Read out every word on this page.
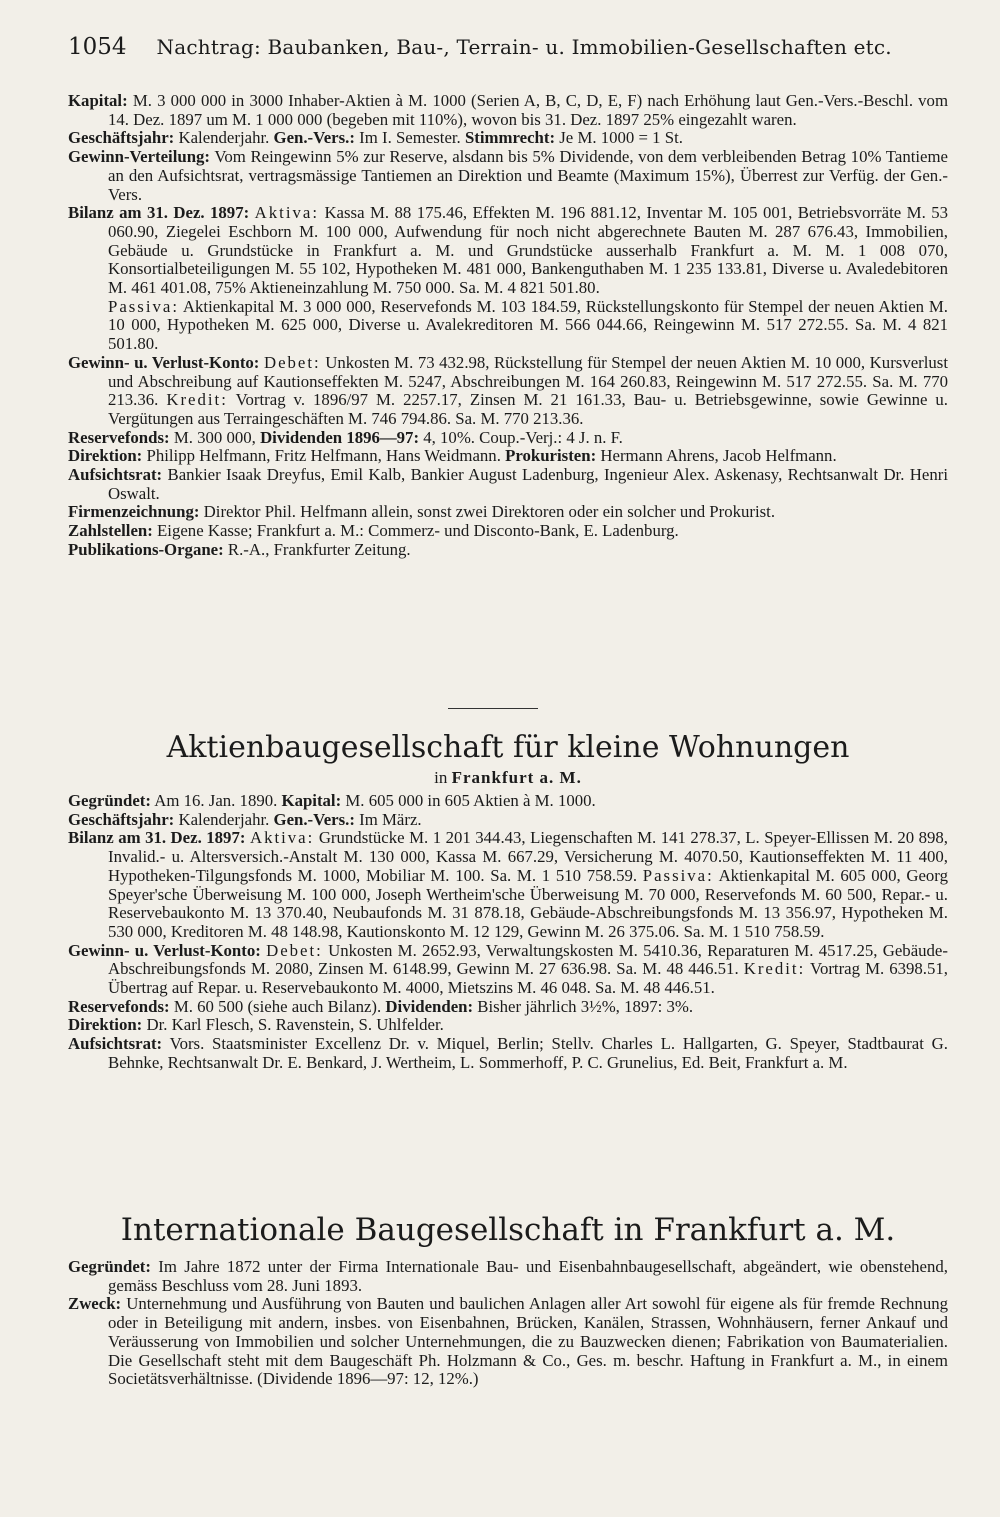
1054 Nachtrag: Baubanken, Bau-, Terrain- u. Immobilien-Gesellschaften etc.

Kapital: M. 3 000 000 in 3000 Inhaber-Aktien à M. 1000 (Serien A, B, C, D, E, F) nach Erhöhung laut Gen.-Vers.-Beschl. vom 14. Dez. 1897 um M. 1 000 000 (begeben mit 110%), wovon bis 31. Dez. 1897 25% eingezahlt waren.

Geschäftsjahr: Kalenderjahr. Gen.-Vers.: Im I. Semester. Stimmrecht: Je M. 1000 = 1 St.

Gewinn-Verteilung: Vom Reingewinn 5% zur Reserve, alsdann bis 5% Dividende, von dem verbleibenden Betrag 10% Tantieme an den Aufsichtsrat, vertragsmässige Tantiemen an Direktion und Beamte (Maximum 15%), Überrest zur Verfüg. der Gen.-Vers.

Bilanz am 31. Dez. 1897: Aktiva: Kassa M. 88 175.46, Effekten M. 196 881.12, Inventar M. 105 001, Betriebsvorräte M. 53 060.90, Ziegelei Eschborn M. 100 000, Aufwendung für noch nicht abgerechnete Bauten M. 287 676.43, Immobilien, Gebäude u. Grundstücke in Frankfurt a. M. und Grundstücke ausserhalb Frankfurt a. M. M. 1 008 070, Konsortialbeteiligungen M. 55 102, Hypotheken M. 481 000, Bankenguthaben M. 1 235 133.81, Diverse u. Avaledebitoren M. 461 401.08, 75% Aktieneinzahlung M. 750 000. Sa. M. 4 821 501.80.

Passiva: Aktienkapital M. 3 000 000, Reservefonds M. 103 184.59, Rückstellungskonto für Stempel der neuen Aktien M. 10 000, Hypotheken M. 625 000, Diverse u. Avalekreditoren M. 566 044.66, Reingewinn M. 517 272.55. Sa. M. 4 821 501.80.

Gewinn- u. Verlust-Konto: Debet: Unkosten M. 73 432.98, Rückstellung für Stempel der neuen Aktien M. 10 000, Kursverlust und Abschreibung auf Kautionseffekten M. 5247, Abschreibungen M. 164 260.83, Reingewinn M. 517 272.55. Sa. M. 770 213.36. Kredit: Vortrag v. 1896/97 M. 2257.17, Zinsen M. 21 161.33, Bau- u. Betriebsgewinne, sowie Gewinne u. Vergütungen aus Terraingeschäften M. 746 794.86. Sa. M. 770 213.36.

Reservefonds: M. 300 000, Dividenden 1896—97: 4, 10%. Coup.-Verj.: 4 J. n. F.

Direktion: Philipp Helfmann, Fritz Helfmann, Hans Weidmann. Prokuristen: Hermann Ahrens, Jacob Helfmann.

Aufsichtsrat: Bankier Isaak Dreyfus, Emil Kalb, Bankier August Ladenburg, Ingenieur Alex. Askenasy, Rechtsanwalt Dr. Henri Oswalt.

Firmenzeichnung: Direktor Phil. Helfmann allein, sonst zwei Direktoren oder ein solcher und Prokurist.

Zahlstellen: Eigene Kasse; Frankfurt a. M.: Commerz- und Disconto-Bank, E. Ladenburg.

Publikations-Organe: R.-A., Frankfurter Zeitung.

Aktienbaugesellschaft für kleine Wohnungen
in Frankfurt a. M.

Gegründet: Am 16. Jan. 1890. Kapital: M. 605 000 in 605 Aktien à M. 1000.

Geschäftsjahr: Kalenderjahr. Gen.-Vers.: Im März.

Bilanz am 31. Dez. 1897: Aktiva: Grundstücke M. 1 201 344.43, Liegenschaften M. 141 278.37, L. Speyer-Ellissen M. 20 898, Invalid.- u. Altersversich.-Anstalt M. 130 000, Kassa M. 667.29, Versicherung M. 4070.50, Kautionseffekten M. 11 400, Hypotheken-Tilgungsfonds M. 1000, Mobiliar M. 100. Sa. M. 1 510 758.59. Passiva: Aktienkapital M. 605 000, Georg Speyer'sche Überweisung M. 100 000, Joseph Wertheim'sche Überweisung M. 70 000, Reservefonds M. 60 500, Repar.- u. Reservebaukonto M. 13 370.40, Neubaufonds M. 31 878.18, Gebäude-Abschreibungsfonds M. 13 356.97, Hypotheken M. 530 000, Kreditoren M. 48 148.98, Kautionskonto M. 12 129, Gewinn M. 26 375.06. Sa. M. 1 510 758.59.

Gewinn- u. Verlust-Konto: Debet: Unkosten M. 2652.93, Verwaltungskosten M. 5410.36, Reparaturen M. 4517.25, Gebäude-Abschreibungsfonds M. 2080, Zinsen M. 6148.99, Gewinn M. 27 636.98. Sa. M. 48 446.51. Kredit: Vortrag M. 6398.51, Übertrag auf Repar. u. Reservebaukonto M. 4000, Mietszins M. 46 048. Sa. M. 48 446.51.

Reservefonds: M. 60 500 (siehe auch Bilanz). Dividenden: Bisher jährlich 3½%, 1897: 3%.

Direktion: Dr. Karl Flesch, S. Ravenstein, S. Uhlfelder.

Aufsichtsrat: Vors. Staatsminister Excellenz Dr. v. Miquel, Berlin; Stellv. Charles L. Hallgarten, G. Speyer, Stadtbaurat G. Behnke, Rechtsanwalt Dr. E. Benkard, J. Wertheim, L. Sommerhoff, P. C. Grunelius, Ed. Beit, Frankfurt a. M.

Internationale Baugesellschaft in Frankfurt a. M.

Gegründet: Im Jahre 1872 unter der Firma Internationale Bau- und Eisenbahnbaugesellschaft, abgeändert, wie obenstehend, gemäss Beschluss vom 28. Juni 1893.

Zweck: Unternehmung und Ausführung von Bauten und baulichen Anlagen aller Art sowohl für eigene als für fremde Rechnung oder in Beteiligung mit andern, insbes. von Eisenbahnen, Brücken, Kanälen, Strassen, Wohnhäusern, ferner Ankauf und Veräusserung von Immobilien und solcher Unternehmungen, die zu Bauzwecken dienen; Fabrikation von Baumaterialien. Die Gesellschaft steht mit dem Baugeschäft Ph. Holzmann & Co., Ges. m. beschr. Haftung in Frankfurt a. M., in einem Societätsverhältnisse. (Dividende 1896—97: 12, 12%.)
